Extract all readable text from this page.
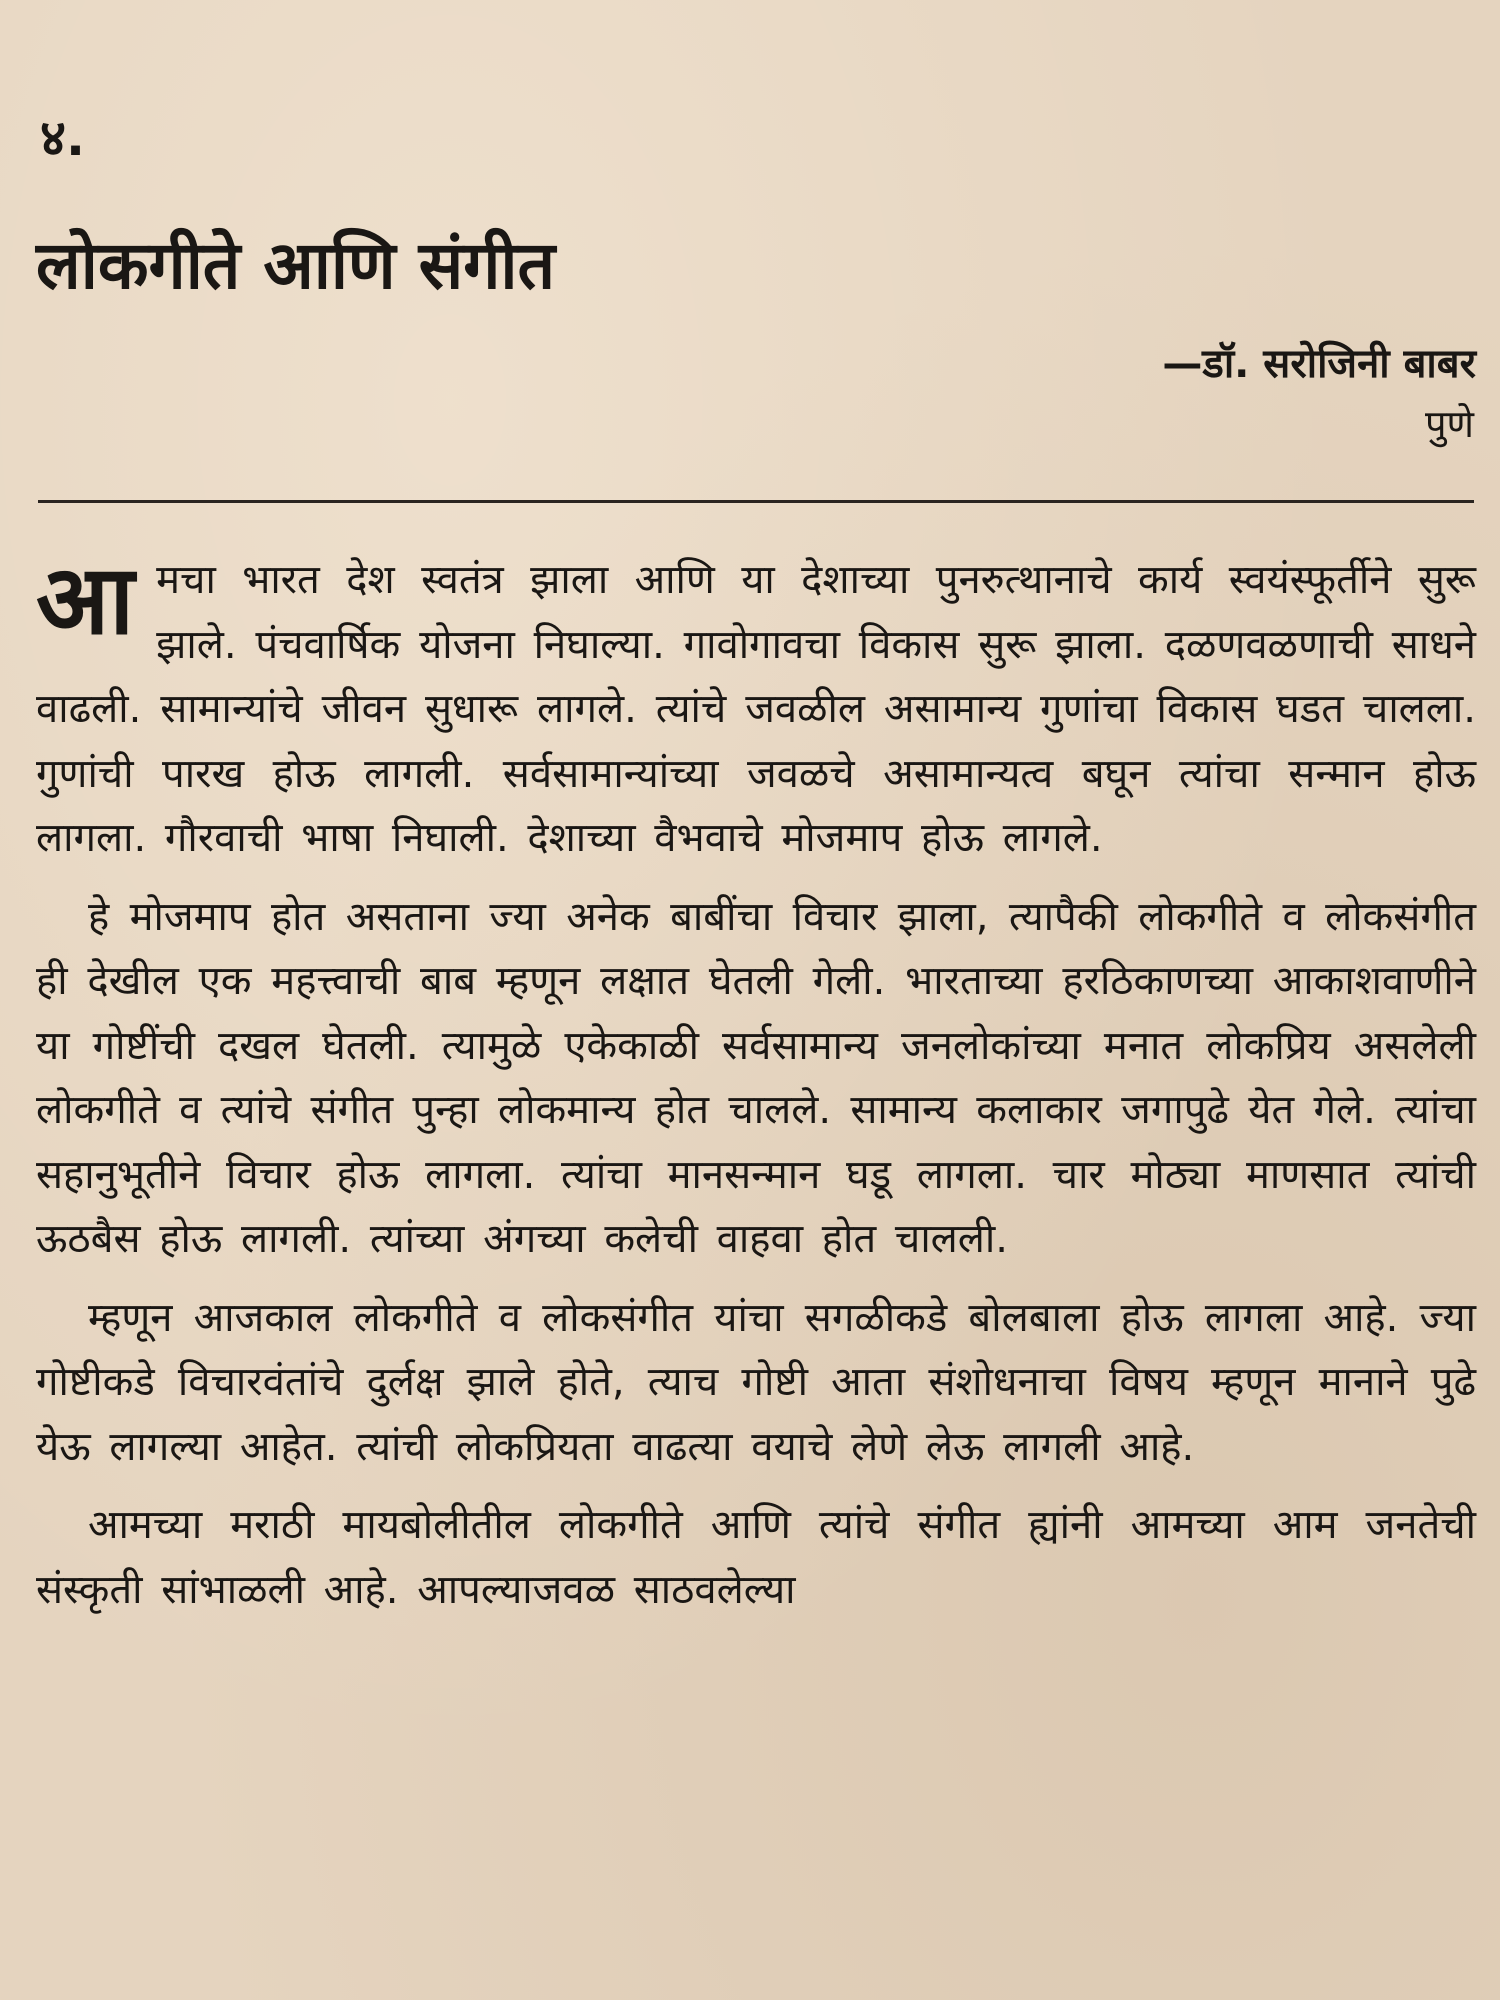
४.
लोकगीते आणि संगीत
—डॉ. सरोजिनी बाबर
पुणे

आमचा भारत देश स्वतंत्र झाला आणि या देशाच्या पुनरुत्थानाचे कार्य स्वयंस्फूर्तीने सुरू झाले. पंचवार्षिक योजना निघाल्या. गावोगावचा विकास सुरू झाला. दळणवळणाची साधने वाढली. सामान्यांचे जीवन सुधारू लागले. त्यांचे जवळील असामान्य गुणांचा विकास घडत चालला. गुणांची पारख होऊ लागली. सर्वसामान्यांच्या जवळचे असामान्यत्व बघून त्यांचा सन्मान होऊ लागला. गौरवाची भाषा निघाली. देशाच्या वैभवाचे मोजमाप होऊ लागले.

हे मोजमाप होत असताना ज्या अनेक बाबींचा विचार झाला, त्यापैकी लोकगीते व लोकसंगीत ही देखील एक महत्त्वाची बाब म्हणून लक्षात घेतली गेली. भारताच्या हरठिकाणच्या आकाशवाणीने या गोष्टींची दखल घेतली. त्यामुळे एकेकाळी सर्वसामान्य जनलोकांच्या मनात लोकप्रिय असलेली लोकगीते व त्यांचे संगीत पुन्हा लोकमान्य होत चालले. सामान्य कलाकार जगापुढे येत गेले. त्यांचा सहानुभूतीने विचार होऊ लागला. त्यांचा मानसन्मान घडू लागला. चार मोठ्या माणसात त्यांची ऊठबैस होऊ लागली. त्यांच्या अंगच्या कलेची वाहवा होत चालली.

म्हणून आजकाल लोकगीते व लोकसंगीत यांचा सगळीकडे बोलबाला होऊ लागला आहे. ज्या गोष्टीकडे विचारवंतांचे दुर्लक्ष झाले होते, त्याच गोष्टी आता संशोधनाचा विषय म्हणून मानाने पुढे येऊ लागल्या आहेत. त्यांची लोकप्रियता वाढत्या वयाचे लेणे लेऊ लागली आहे.

आमच्या मराठी मायबोलीतील लोकगीते आणि त्यांचे संगीत ह्यांनी आमच्या आम जनतेची संस्कृती सांभाळली आहे. आपल्याजवळ साठवलेल्या
